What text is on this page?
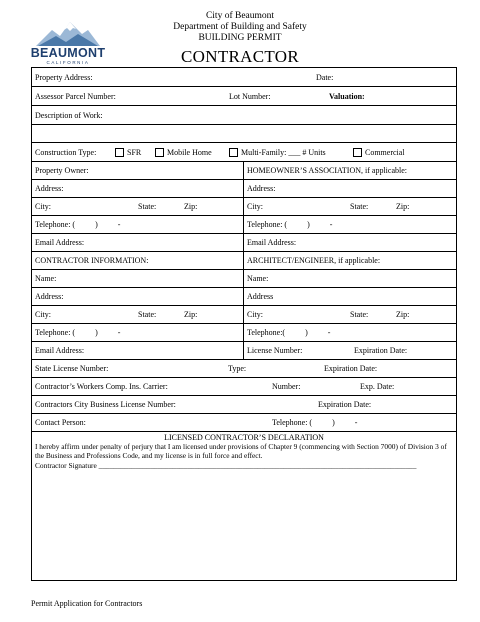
BEAUMONT
CALIFORNIA
City of Beaumont
Department of Building and Safety
BUILDING PERMIT
CONTRACTOR
Property Address:	Date:
Assessor Parcel Number:	Lot Number:	Valuation:
Description of Work:
Construction Type:	SFR	Mobile Home	Multi-Family: ___ # Units	Commercial
Property Owner:	HOMEOWNER’S ASSOCIATION, if applicable:
Address:	Address:
City:	State:	Zip:	City:	State:	Zip:
Telephone: (          )          -	Telephone: (          )          -
Email Address:	Email Address:
CONTRACTOR INFORMATION:	ARCHITECT/ENGINEER, if applicable:
Name:	Name:
Address:	Address
City:	State:	Zip:	City:	State:	Zip:
Telephone: (          )          -	Telephone:(          )          -
Email Address:	License Number:	Expiration Date:
State License Number:	Type:	Expiration Date:
Contractor’s Workers Comp. Ins. Carrier:	Number:	Exp. Date:
Contractors City Business License Number:	Expiration Date:
Contact Person:	Telephone: (          )          -
LICENSED CONTRACTOR’S DECLARATION
I hereby affirm under penalty of perjury that I am licensed under provisions of Chapter 9 (commencing with Section 7000) of Division 3 of the Business and Professions Code, and my license is in full force and effect.
Contractor Signature ______________________________________________________________________________________
Permit Application for Contractors
